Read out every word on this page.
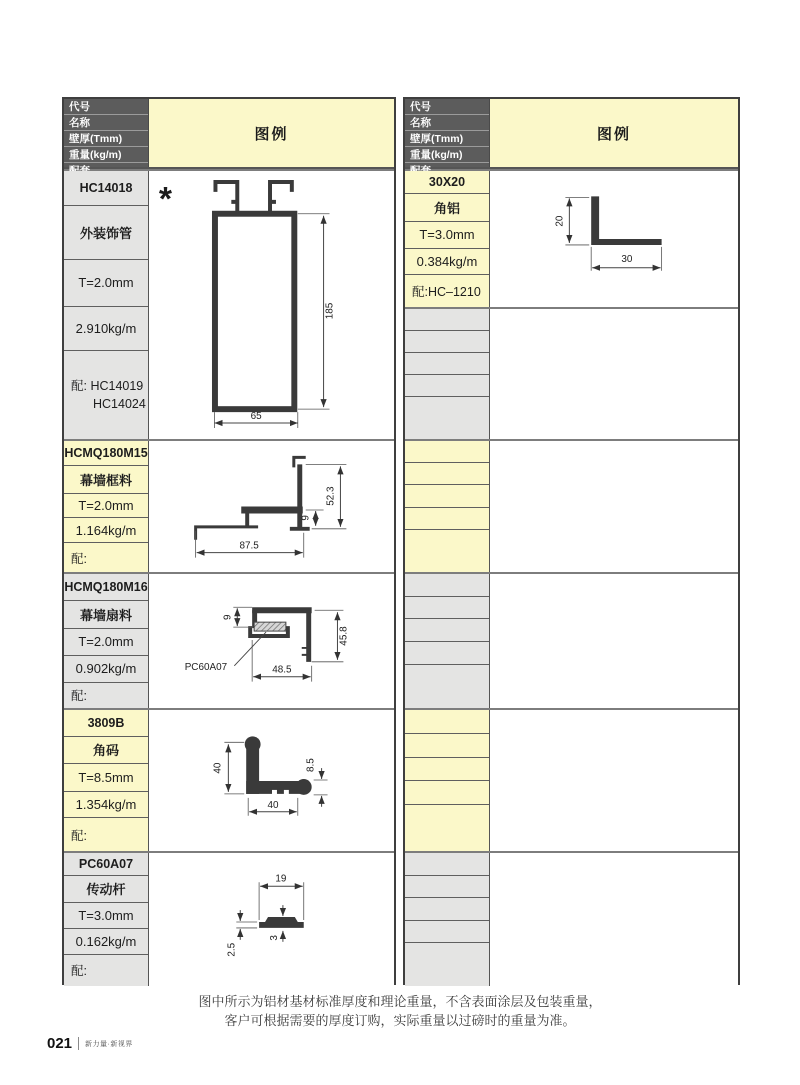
代号
名称
壁厚(Tmm)
重量(kg/m)
图例
HC14018
外装饰管
T=2.0mm
2.910kg/m
配: HC14019
HC14024
*
185
65
HCMQ180M15
幕墙框料
T=2.0mm
1.164kg/m
配:
87.5
52.3
9
HCMQ180M16
幕墙扇料
T=2.0mm
0.902kg/m
配:
9
45.8
48.5
PC60A07
3809B
角码
T=8.5mm
1.354kg/m
配:
40
40
8.5
PC60A07
传动杆
T=3.0mm
0.162kg/m
配:
19
2.5
3
代号
名称
壁厚(Tmm)
重量(kg/m)
图例
30X20
角铝
T=3.0mm
0.384kg/m
配:HC–1210
20
30
图中所示为铝材基材标准厚度和理论重量，不含表面涂层及包装重量，
客户可根据需要的厚度订购，实际重量以过磅时的重量为准。
021 新力量·新视界
